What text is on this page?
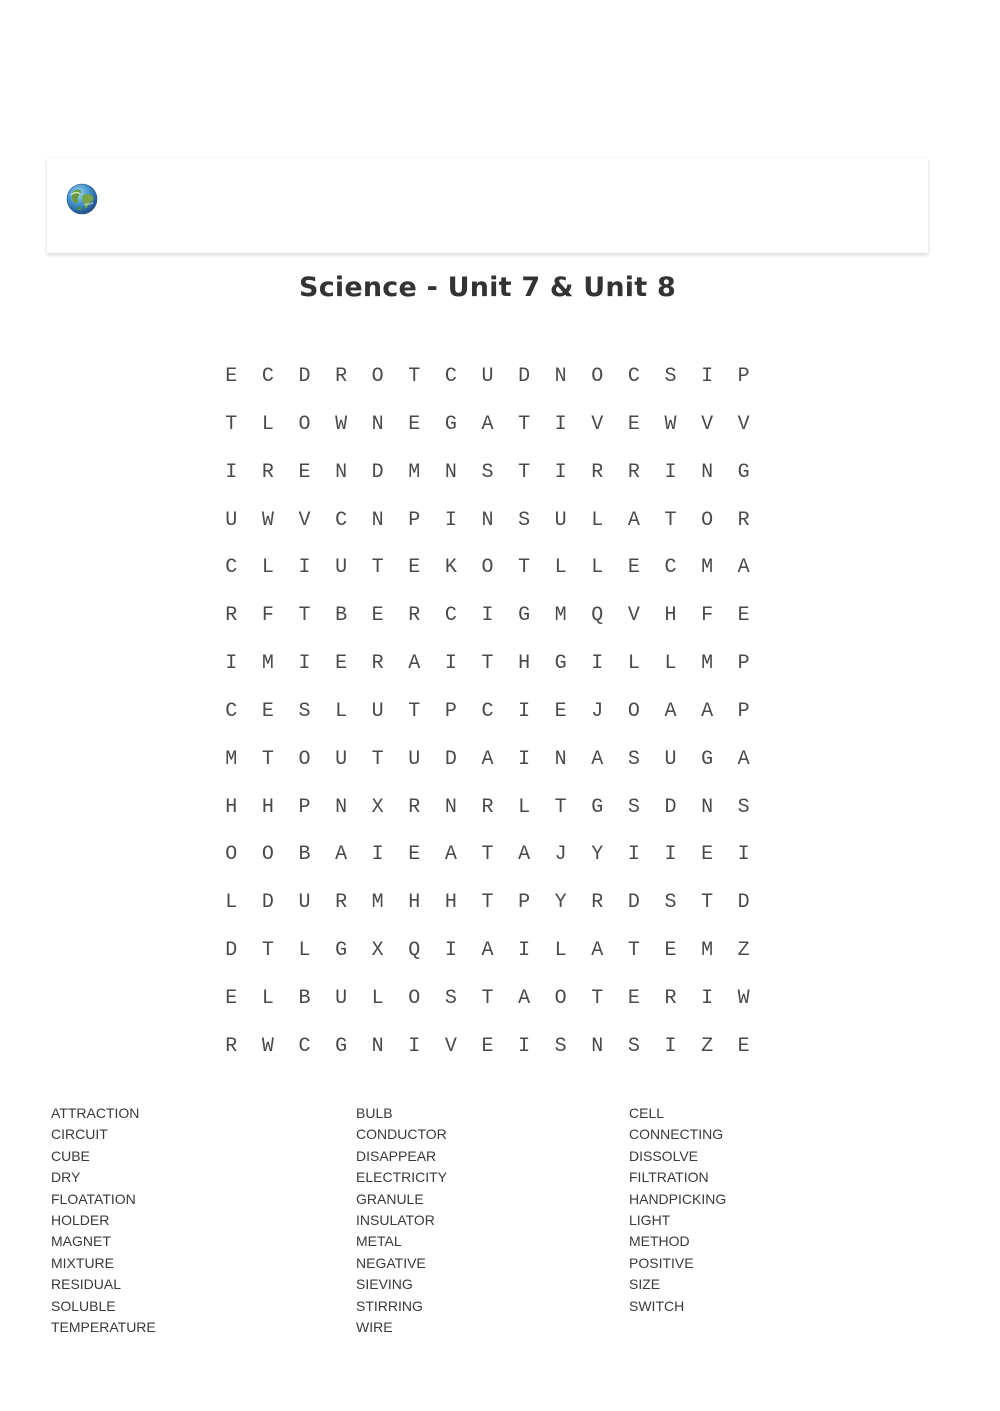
Science - Unit 7 & Unit 8
E	C	D	R	O	T	C	U	D	N	O	C	S	I	P
T	L	O	W	N	E	G	A	T	I	V	E	W	V	V
I	R	E	N	D	M	N	S	T	I	R	R	I	N	G
U	W	V	C	N	P	I	N	S	U	L	A	T	O	R
C	L	I	U	T	E	K	O	T	L	L	E	C	M	A
R	F	T	B	E	R	C	I	G	M	Q	V	H	F	E
I	M	I	E	R	A	I	T	H	G	I	L	L	M	P
C	E	S	L	U	T	P	C	I	E	J	O	A	A	P
M	T	O	U	T	U	D	A	I	N	A	S	U	G	A
H	H	P	N	X	R	N	R	L	T	G	S	D	N	S
O	O	B	A	I	E	A	T	A	J	Y	I	I	E	I
L	D	U	R	M	H	H	T	P	Y	R	D	S	T	D
D	T	L	G	X	Q	I	A	I	L	A	T	E	M	Z
E	L	B	U	L	O	S	T	A	O	T	E	R	I	W
R	W	C	G	N	I	V	E	I	S	N	S	I	Z	E
ATTRACTION
CIRCUIT
CUBE
DRY
FLOATATION
HOLDER
MAGNET
MIXTURE
RESIDUAL
SOLUBLE
TEMPERATURE
BULB
CONDUCTOR
DISAPPEAR
ELECTRICITY
GRANULE
INSULATOR
METAL
NEGATIVE
SIEVING
STIRRING
WIRE
CELL
CONNECTING
DISSOLVE
FILTRATION
HANDPICKING
LIGHT
METHOD
POSITIVE
SIZE
SWITCH
